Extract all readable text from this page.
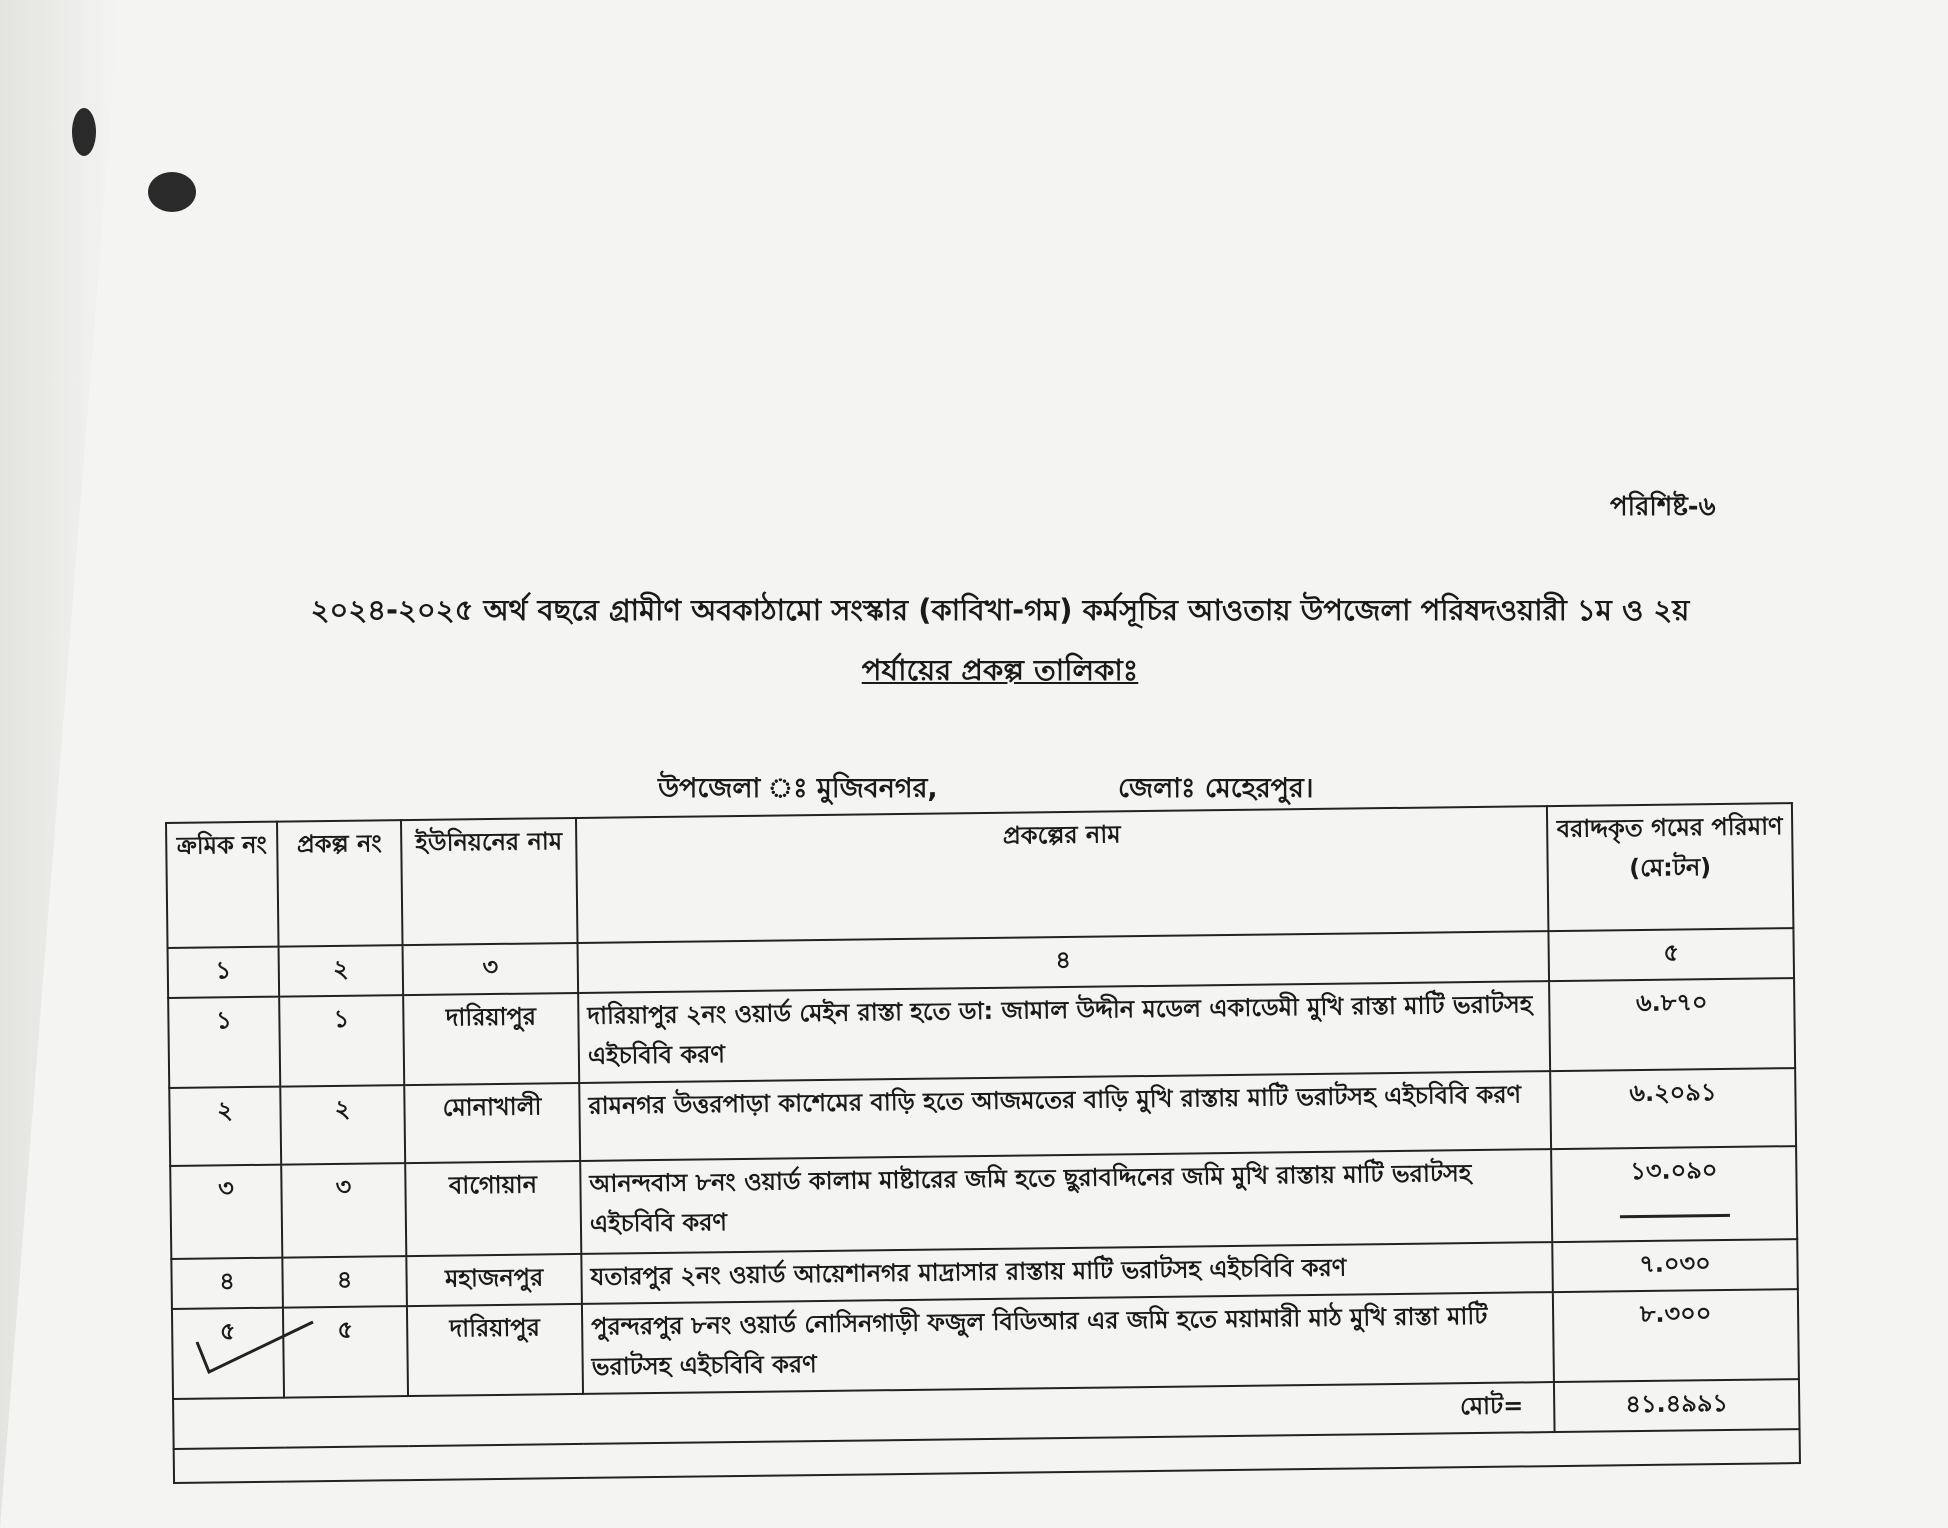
পরিশিষ্ট-৬
২০২৪-২০২৫ অর্থ বছরে গ্রামীণ অবকাঠামো সংস্কার (কাবিখা-গম) কর্মসূচির আওতায় উপজেলা পরিষদওয়ারী ১ম ও ২য়
পর্যায়ের প্রকল্প তালিকাঃ
উপজেলা ঃ মুজিবনগর,	জেলাঃ মেহেরপুর।
ক্রমিক নং	প্রকল্প নং	ইউনিয়নের নাম	প্রকল্পের নাম	বরাদ্দকৃত গমের পরিমাণ (মে:টন)
১	২	৩	৪	৫
১	১	দারিয়াপুর	দারিয়াপুর ২নং ওয়ার্ড মেইন রাস্তা হতে ডা: জামাল উদ্দীন মডেল একাডেমী মুখি রাস্তা মাটি ভরাটসহ এইচবিবি করণ	৬.৮৭০
২	২	মোনাখালী	রামনগর উত্তরপাড়া কাশেমের বাড়ি হতে আজমতের বাড়ি মুখি রাস্তায় মাটি ভরাটসহ এইচবিবি করণ	৬.২০৯১
৩	৩	বাগোয়ান	আনন্দবাস ৮নং ওয়ার্ড কালাম মাষ্টারের জমি হতে ছুরাবদ্দিনের জমি মুখি রাস্তায় মাটি ভরাটসহ এইচবিবি করণ	১৩.০৯০

৪	৪	মহাজনপুর	যতারপুর ২নং ওয়ার্ড আয়েশানগর মাদ্রাসার রাস্তায় মাটি ভরাটসহ এইচবিবি করণ	৭.০৩০
৫	৫	দারিয়াপুর	পুরন্দরপুর ৮নং ওয়ার্ড নোসিনগাড়ী ফজুল বিডিআর এর জমি হতে ময়ামারী মাঠ মুখি রাস্তা মাটি ভরাটসহ এইচবিবি করণ	৮.৩০০
মোট=				৪১.৪৯৯১
